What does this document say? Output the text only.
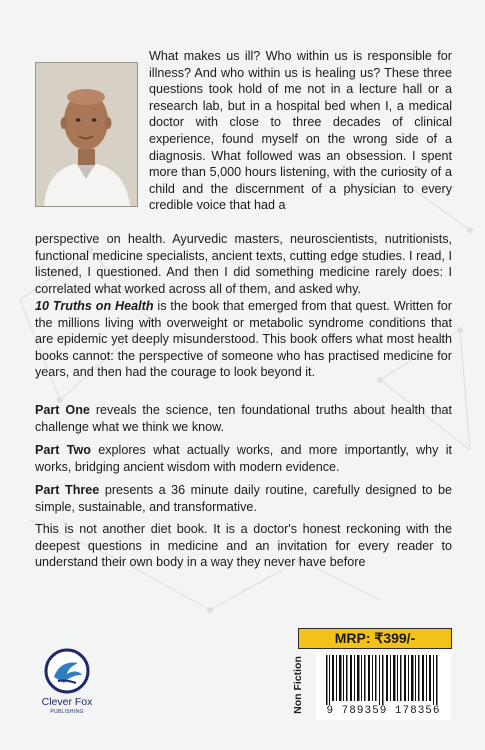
What makes us ill? Who within us is responsible for illness? And who within us is healing us? These three questions took hold of me not in a lecture hall or a research lab, but in a hospital bed when I, a medical doctor with close to three decades of clinical experience, found myself on the wrong side of a diagnosis. What followed was an obsession. I spent more than 5,000 hours listening, with the curiosity of a child and the discernment of a physician to every credible voice that had a
perspective on health. Ayurvedic masters, neuroscientists, nutritionists, functional medicine specialists, ancient texts, cutting edge studies. I read, I listened, I questioned. And then I did something medicine rarely does: I correlated what worked across all of them, and asked why.
10 Truths on Health is the book that emerged from that quest. Written for the millions living with overweight or metabolic syndrome conditions that are epidemic yet deeply misunderstood. This book offers what most health books cannot: the perspective of someone who has practised medicine for years, and then had the courage to look beyond it.
Part One reveals the science, ten foundational truths about health that challenge what we think we know.
Part Two explores what actually works, and more importantly, why it works, bridging ancient wisdom with modern evidence.
Part Three presents a 36 minute daily routine, carefully designed to be simple, sustainable, and transformative.
This is not another diet book. It is a doctor's honest reckoning with the deepest questions in medicine and an invitation for every reader to understand their own body in a way they never have before
Clever Fox
PUBLISHING
MRP: ₹399/-
Non Fiction	9 789359 178356
